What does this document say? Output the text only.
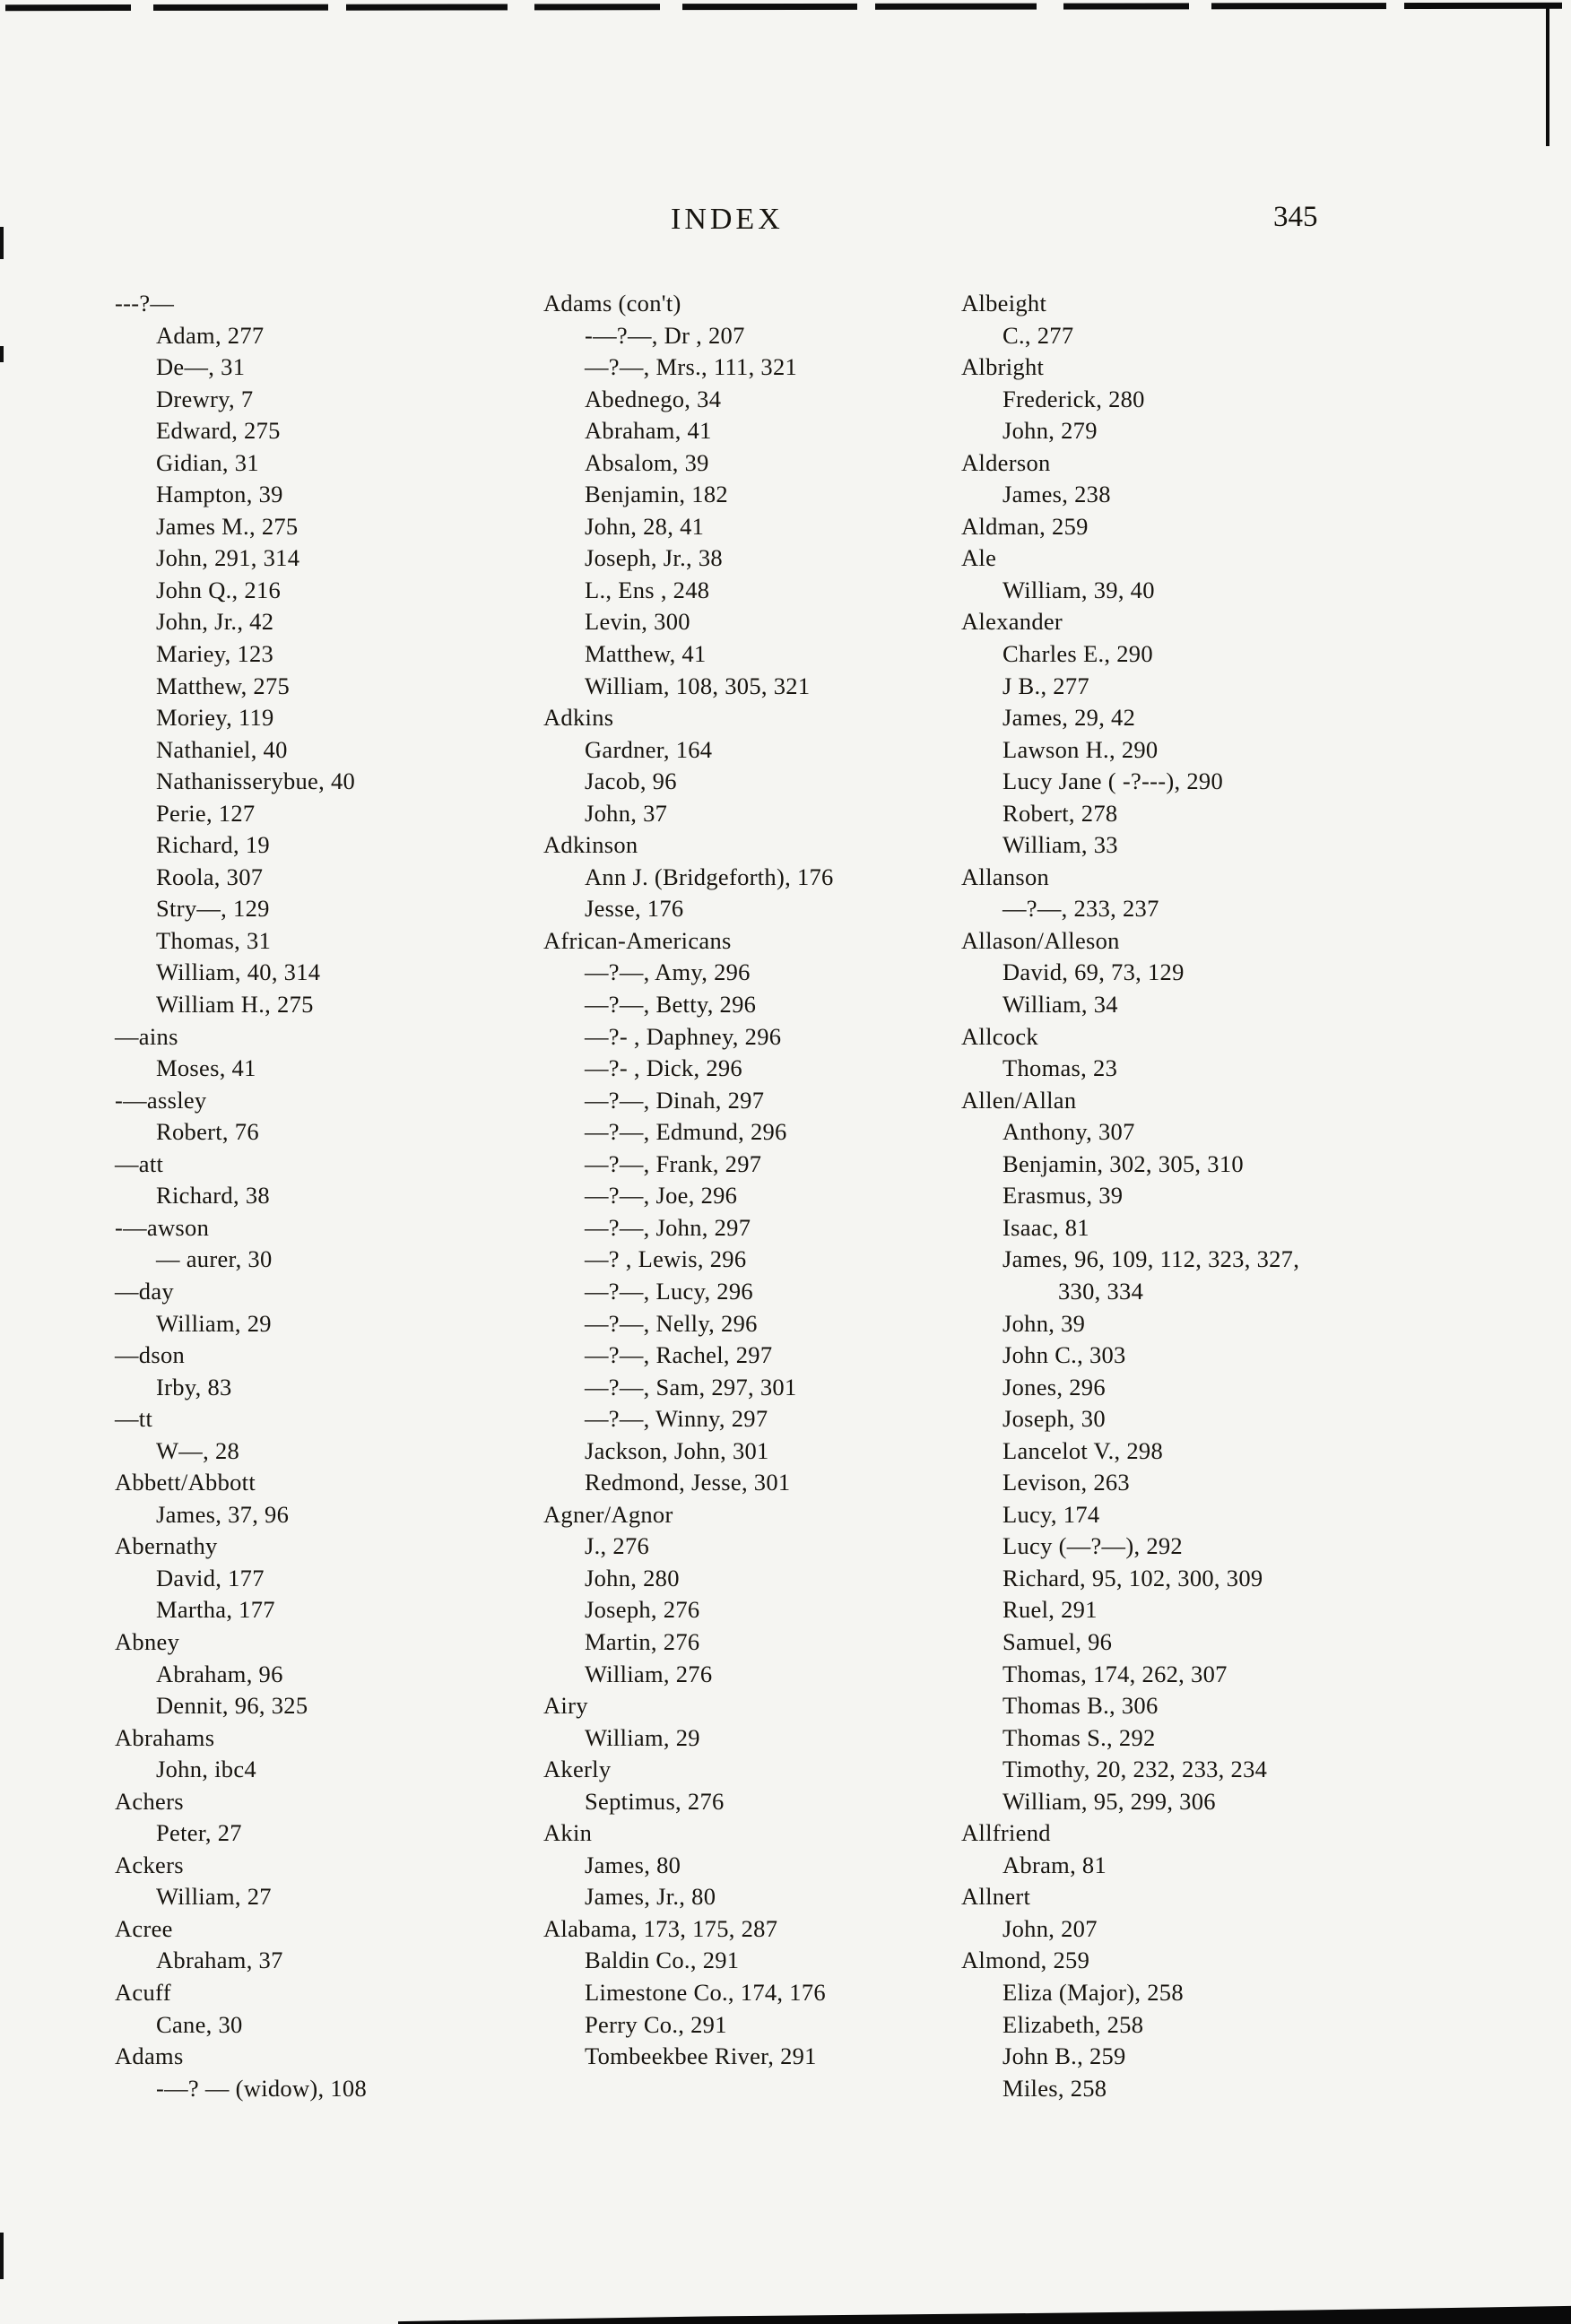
INDEX	345
---?—
Adam, 277
De—, 31
Drewry, 7
Edward, 275
Gidian, 31
Hampton, 39
James M., 275
John, 291, 314
John Q., 216
John, Jr., 42
Mariey, 123
Matthew, 275
Moriey, 119
Nathaniel, 40
Nathanisserybue, 40
Perie, 127
Richard, 19
Roola, 307
Stry—, 129
Thomas, 31
William, 40, 314
William H., 275
—ains
Moses, 41
-—assley
Robert, 76
—att
Richard, 38
-—awson
— aurer, 30
—day
William, 29
—dson
Irby, 83
—tt
W—, 28
Abbett/Abbott
James, 37, 96
Abernathy
David, 177
Martha, 177
Abney
Abraham, 96
Dennit, 96, 325
Abrahams
John, ibc4
Achers
Peter, 27
Ackers
William, 27
Acree
Abraham, 37
Acuff
Cane, 30
Adams
-—? — (widow), 108
Adams (con't)
-—?—, Dr , 207
—?—, Mrs., 111, 321
Abednego, 34
Abraham, 41
Absalom, 39
Benjamin, 182
John, 28, 41
Joseph, Jr., 38
L., Ens , 248
Levin, 300
Matthew, 41
William, 108, 305, 321
Adkins
Gardner, 164
Jacob, 96
John, 37
Adkinson
Ann J. (Bridgeforth), 176
Jesse, 176
African-Americans
—?—, Amy, 296
—?—, Betty, 296
—?- , Daphney, 296
—?- , Dick, 296
—?—, Dinah, 297
—?—, Edmund, 296
—?—, Frank, 297
—?—, Joe, 296
—?—, John, 297
—? , Lewis, 296
—?—, Lucy, 296
—?—, Nelly, 296
—?—, Rachel, 297
—?—, Sam, 297, 301
—?—, Winny, 297
Jackson, John, 301
Redmond, Jesse, 301
Agner/Agnor
J., 276
John, 280
Joseph, 276
Martin, 276
William, 276
Airy
William, 29
Akerly
Septimus, 276
Akin
James, 80
James, Jr., 80
Alabama, 173, 175, 287
Baldin Co., 291
Limestone Co., 174, 176
Perry Co., 291
Tombeekbee River, 291
Albeight
C., 277
Albright
Frederick, 280
John, 279
Alderson
James, 238
Aldman, 259
Ale
William, 39, 40
Alexander
Charles E., 290
J B., 277
James, 29, 42
Lawson H., 290
Lucy Jane ( -?---), 290
Robert, 278
William, 33
Allanson
—?—, 233, 237
Allason/Alleson
David, 69, 73, 129
William, 34
Allcock
Thomas, 23
Allen/Allan
Anthony, 307
Benjamin, 302, 305, 310
Erasmus, 39
Isaac, 81
James, 96, 109, 112, 323, 327,
330, 334
John, 39
John C., 303
Jones, 296
Joseph, 30
Lancelot V., 298
Levison, 263
Lucy, 174
Lucy (—?—), 292
Richard, 95, 102, 300, 309
Ruel, 291
Samuel, 96
Thomas, 174, 262, 307
Thomas B., 306
Thomas S., 292
Timothy, 20, 232, 233, 234
William, 95, 299, 306
Allfriend
Abram, 81
Allnert
John, 207
Almond, 259
Eliza (Major), 258
Elizabeth, 258
John B., 259
Miles, 258
